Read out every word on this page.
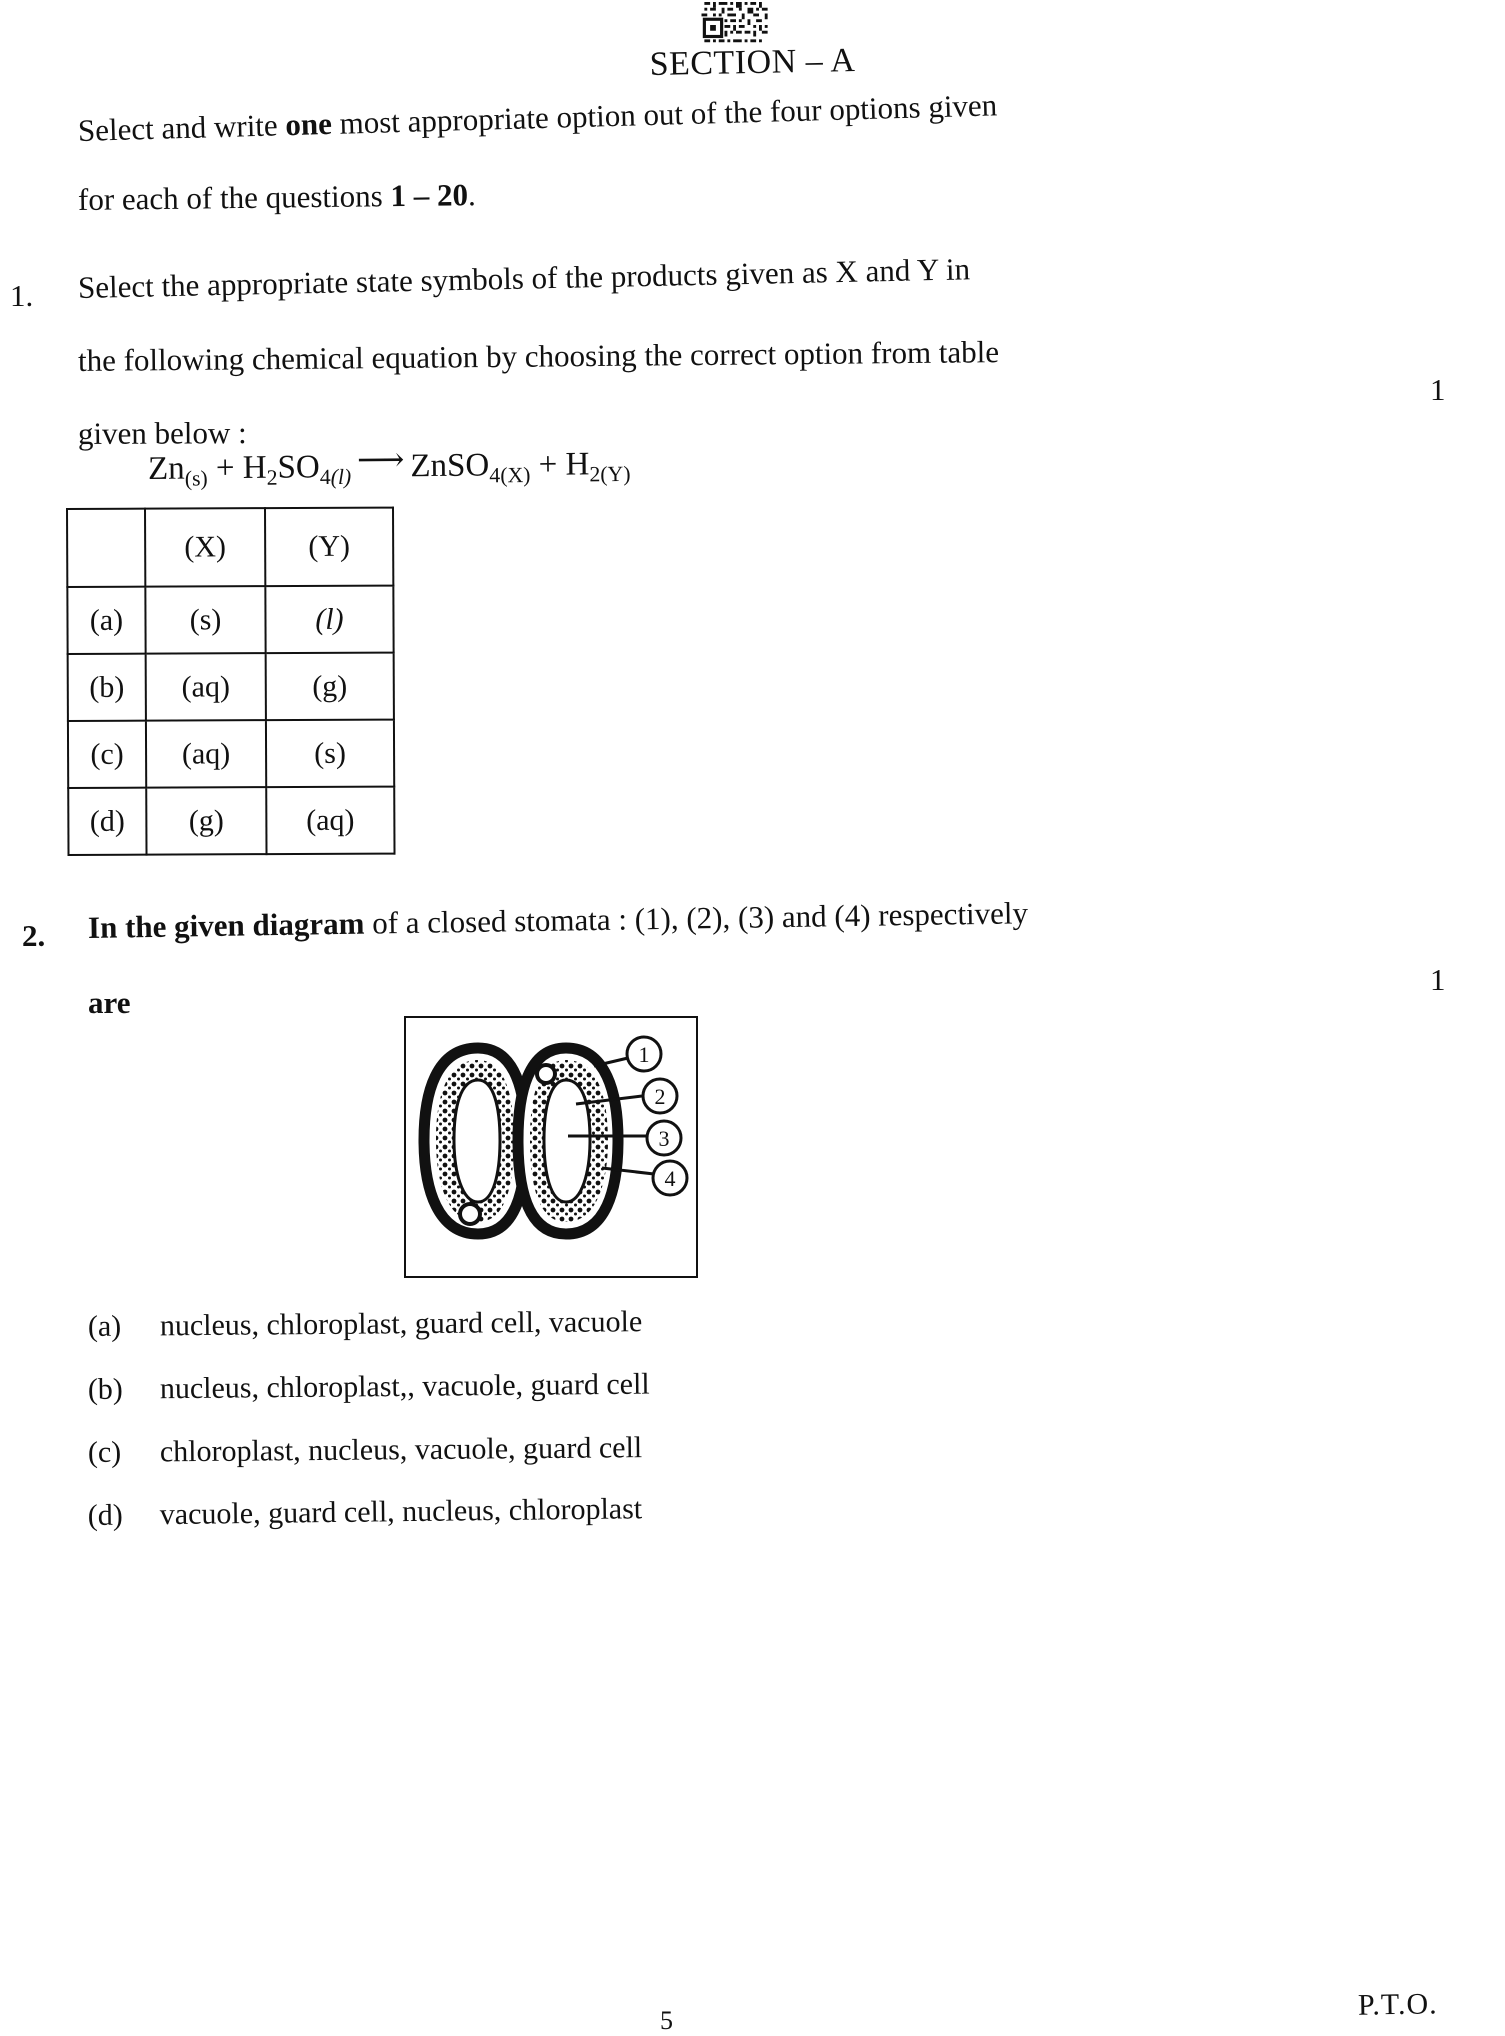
SECTION – A
Select and write one most appropriate option out of the four options given
for each of the questions 1 – 20.
1. Select the appropriate state symbols of the products given as X and Y in
the following chemical equation by choosing the correct option from table
given below :
1
$Zn_{(s)} + H_2SO_{4(l)}$ ⟶ ZnSO$_{4(X)}$ + $H_{2(Y)}$
	(X)	(Y)
(a)	(s)	(l)
(b)	(aq)	(g)
(c)	(aq)	(s)
(d)	(g)	(aq)
2. In the given diagram of a closed stomata : (1), (2), (3) and (4) respectively
are
1
1
2
3
4
(a) nucleus, chloroplast, guard cell, vacuole
(b) nucleus, chloroplast,, vacuole, guard cell
(c) chloroplast, nucleus, vacuole, guard cell
(d) vacuole, guard cell, nucleus, chloroplast
5	P.T.O.
